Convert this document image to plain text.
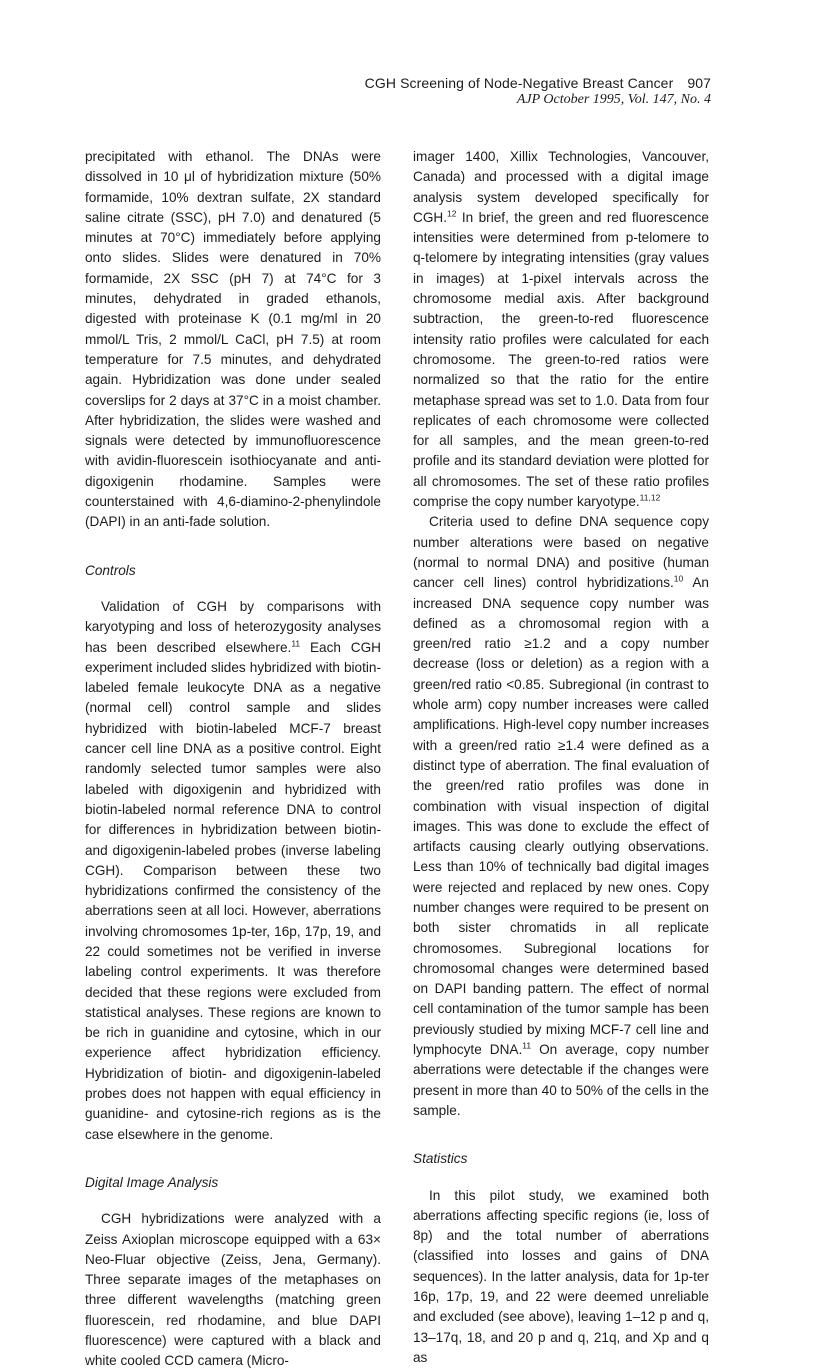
CGH Screening of Node-Negative Breast Cancer 907
AJP October 1995, Vol. 147, No. 4

precipitated with ethanol. The DNAs were dissolved in 10 μl of hybridization mixture (50% formamide, 10% dextran sulfate, 2X standard saline citrate (SSC), pH 7.0) and denatured (5 minutes at 70°C) immediately before applying onto slides. Slides were denatured in 70% formamide, 2X SSC (pH 7) at 74°C for 3 minutes, dehydrated in graded ethanols, digested with proteinase K (0.1 mg/ml in 20 mmol/L Tris, 2 mmol/L CaCl, pH 7.5) at room temperature for 7.5 minutes, and dehydrated again. Hybridization was done under sealed coverslips for 2 days at 37°C in a moist chamber. After hybridization, the slides were washed and signals were detected by immunofluorescence with avidin-fluorescein isothiocyanate and anti-digoxigenin rhodamine. Samples were counterstained with 4,6-diamino-2-phenylindole (DAPI) in an anti-fade solution.

Controls

Validation of CGH by comparisons with karyotyping and loss of heterozygosity analyses has been described elsewhere.$^{11}$ Each CGH experiment included slides hybridized with biotin-labeled female leukocyte DNA as a negative (normal cell) control sample and slides hybridized with biotin-labeled MCF-7 breast cancer cell line DNA as a positive control. Eight randomly selected tumor samples were also labeled with digoxigenin and hybridized with biotin-labeled normal reference DNA to control for differences in hybridization between biotin- and digoxigenin-labeled probes (inverse labeling CGH). Comparison between these two hybridizations confirmed the consistency of the aberrations seen at all loci. However, aberrations involving chromosomes 1p-ter, 16p, 17p, 19, and 22 could sometimes not be verified in inverse labeling control experiments. It was therefore decided that these regions were excluded from statistical analyses. These regions are known to be rich in guanidine and cytosine, which in our experience affect hybridization efficiency. Hybridization of biotin- and digoxigenin-labeled probes does not happen with equal efficiency in guanidine- and cytosine-rich regions as is the case elsewhere in the genome.

Digital Image Analysis

CGH hybridizations were analyzed with a Zeiss Axioplan microscope equipped with a 63× Neo-Fluar objective (Zeiss, Jena, Germany). Three separate images of the metaphases on three different wavelengths (matching green fluorescein, red rhodamine, and blue DAPI fluorescence) were captured with a black and white cooled CCD camera (Micro-

imager 1400, Xillix Technologies, Vancouver, Canada) and processed with a digital image analysis system developed specifically for CGH.$^{12}$ In brief, the green and red fluorescence intensities were determined from p-telomere to q-telomere by integrating intensities (gray values in images) at 1-pixel intervals across the chromosome medial axis. After background subtraction, the green-to-red fluorescence intensity ratio profiles were calculated for each chromosome. The green-to-red ratios were normalized so that the ratio for the entire metaphase spread was set to 1.0. Data from four replicates of each chromosome were collected for all samples, and the mean green-to-red profile and its standard deviation were plotted for all chromosomes. The set of these ratio profiles comprise the copy number karyotype.$^{11,12}$

Criteria used to define DNA sequence copy number alterations were based on negative (normal to normal DNA) and positive (human cancer cell lines) control hybridizations.$^{10}$ An increased DNA sequence copy number was defined as a chromosomal region with a green/red ratio ≥1.2 and a copy number decrease (loss or deletion) as a region with a green/red ratio <0.85. Subregional (in contrast to whole arm) copy number increases were called amplifications. High-level copy number increases with a green/red ratio ≥1.4 were defined as a distinct type of aberration. The final evaluation of the green/red ratio profiles was done in combination with visual inspection of digital images. This was done to exclude the effect of artifacts causing clearly outlying observations. Less than 10% of technically bad digital images were rejected and replaced by new ones. Copy number changes were required to be present on both sister chromatids in all replicate chromosomes. Subregional locations for chromosomal changes were determined based on DAPI banding pattern. The effect of normal cell contamination of the tumor sample has been previously studied by mixing MCF-7 cell line and lymphocyte DNA.$^{11}$ On average, copy number aberrations were detectable if the changes were present in more than 40 to 50% of the cells in the sample.

Statistics

In this pilot study, we examined both aberrations affecting specific regions (ie, loss of 8p) and the total number of aberrations (classified into losses and gains of DNA sequences). In the latter analysis, data for 1p-ter 16p, 17p, 19, and 22 were deemed unreliable and excluded (see above), leaving 1–12 p and q, 13–17q, 18, and 20 p and q, 21q, and Xp and q as
